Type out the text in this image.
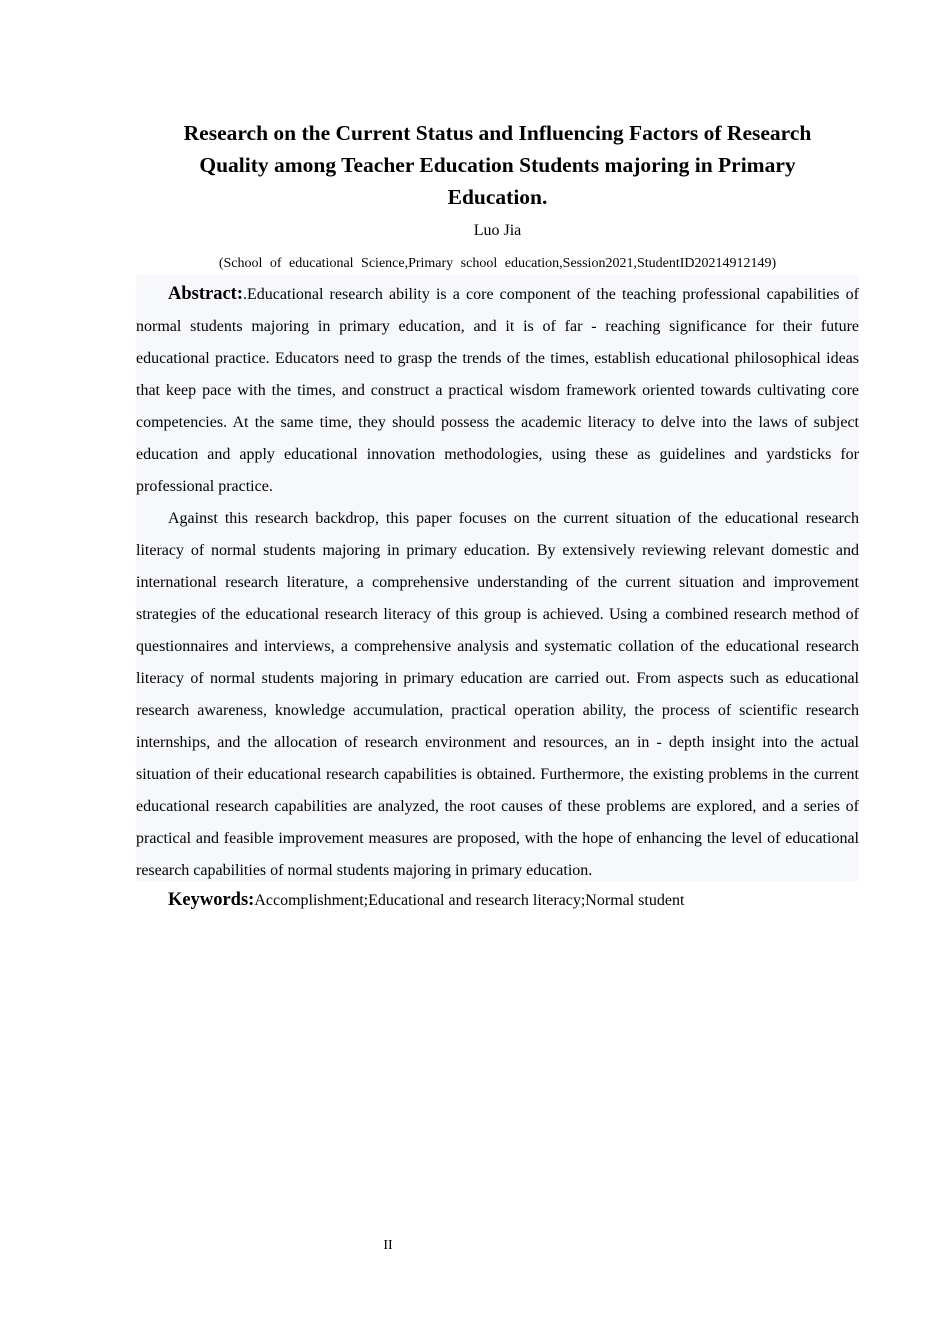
Research on the Current Status and Influencing Factors of Research Quality among Teacher Education Students majoring in Primary Education.
Luo Jia
(School of educational Science,Primary school education,Session2021,StudentID20214912149)

Abstract:.Educational research ability is a core component of the teaching professional capabilities of normal students majoring in primary education, and it is of far - reaching significance for their future educational practice. Educators need to grasp the trends of the times, establish educational philosophical ideas that keep pace with the times, and construct a practical wisdom framework oriented towards cultivating core competencies. At the same time, they should possess the academic literacy to delve into the laws of subject education and apply educational innovation methodologies, using these as guidelines and yardsticks for professional practice.

Against this research backdrop, this paper focuses on the current situation of the educational research literacy of normal students majoring in primary education. By extensively reviewing relevant domestic and international research literature, a comprehensive understanding of the current situation and improvement strategies of the educational research literacy of this group is achieved. Using a combined research method of questionnaires and interviews, a comprehensive analysis and systematic collation of the educational research literacy of normal students majoring in primary education are carried out. From aspects such as educational research awareness, knowledge accumulation, practical operation ability, the process of scientific research internships, and the allocation of research environment and resources, an in - depth insight into the actual situation of their educational research capabilities is obtained. Furthermore, the existing problems in the current educational research capabilities are analyzed, the root causes of these problems are explored, and a series of practical and feasible improvement measures are proposed, with the hope of enhancing the level of educational research capabilities of normal students majoring in primary education.

Keywords:Accomplishment;Educational and research literacy;Normal student
II
